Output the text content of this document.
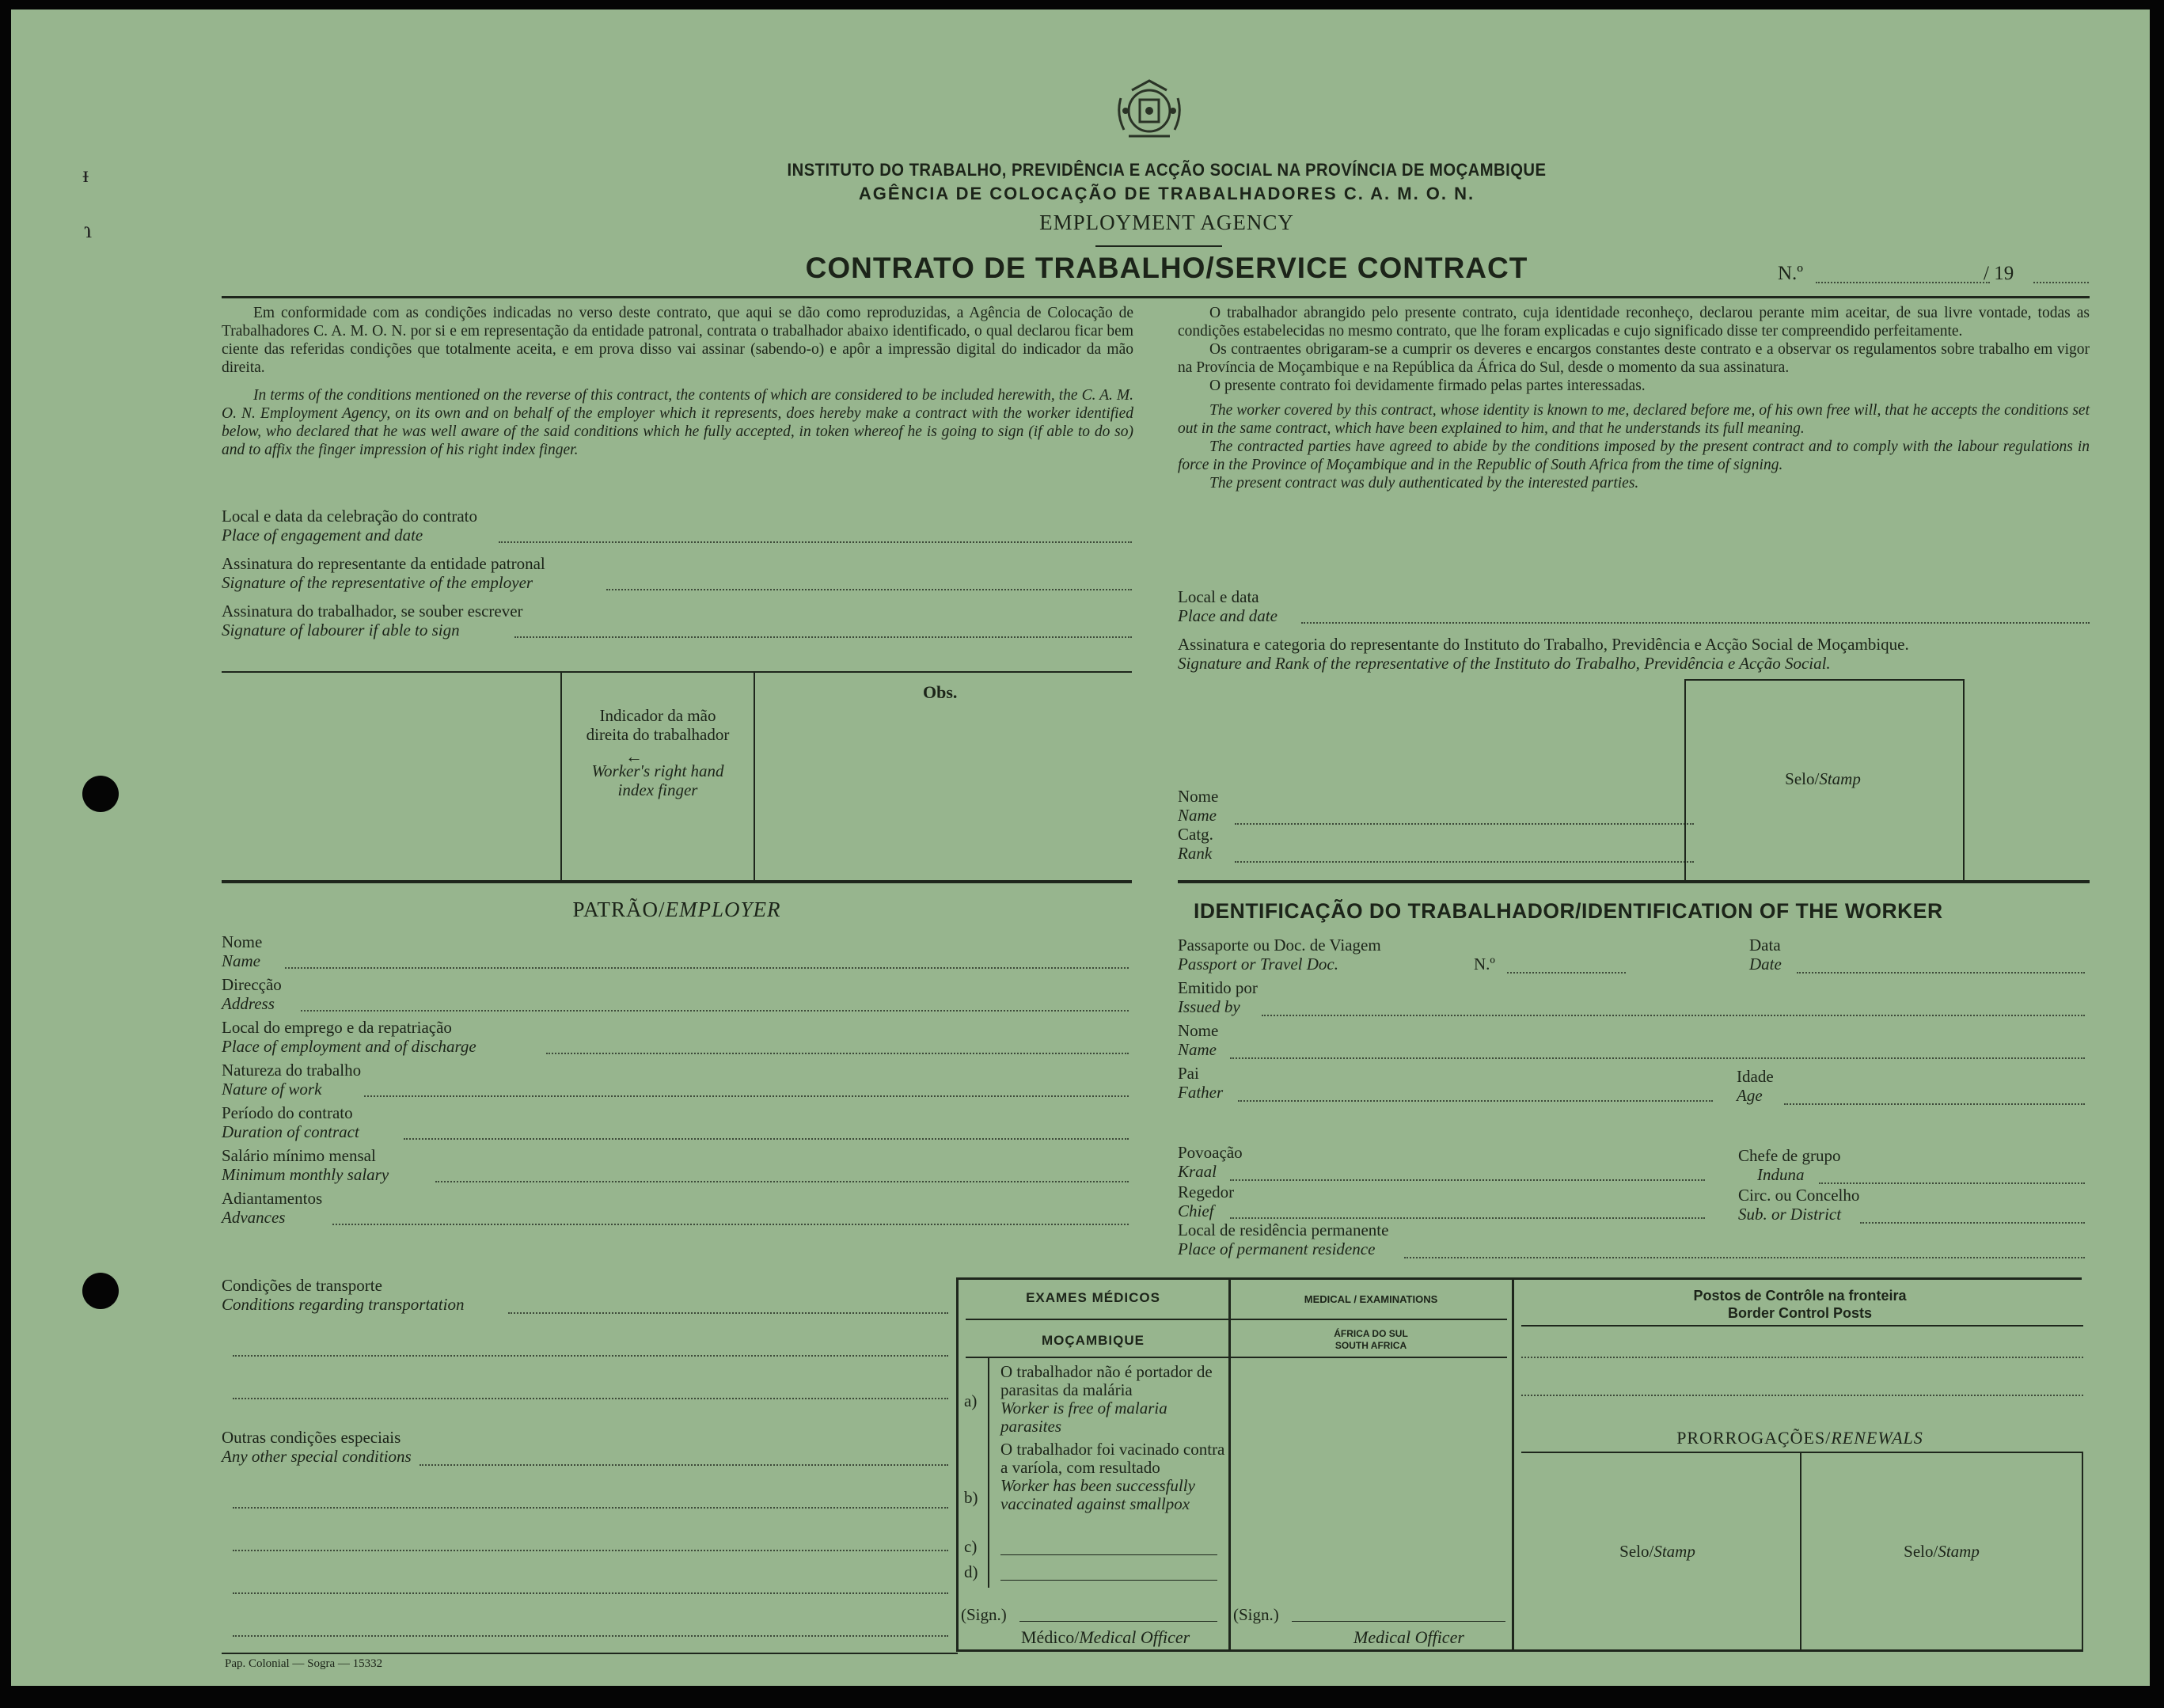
ᵻ
ɿ
INSTITUTO DO TRABALHO, PREVIDÊNCIA E ACÇÃO SOCIAL NA PROVÍNCIA DE MOÇAMBIQUE
AGÊNCIA DE COLOCAÇÃO DE TRABALHADORES C. A. M. O. N.
EMPLOYMENT AGENCY
CONTRATO DE TRABALHO/SERVICE CONTRACT	N.º	/ 19

Em conformidade com as condições indicadas no verso deste contrato, que aqui se dão como reproduzidas, a Agência de Colocação de Trabalhadores C. A. M. O. N. por si e em representação da entidade patronal, contrata o trabalhador abaixo identificado, o qual declarou ficar bem ciente das referidas condições que totalmente aceita, e em prova disso vai assinar (sabendo-o) e apôr a impressão digital do indicador da mão direita.

In terms of the conditions mentioned on the reverse of this contract, the contents of which are considered to be included herewith, the C. A. M. O. N. Employment Agency, on its own and on behalf of the employer which it represents, does hereby make a contract with the worker identified below, who declared that he was well aware of the said conditions which he fully accepted, in token whereof he is going to sign (if able to do so) and to affix the finger impression of his right index finger.

Local e data da celebração do contrato
Place of engagement and date
Assinatura do representante da entidade patronal
Signature of the representative of the employer
Assinatura do trabalhador, se souber escrever
Signature of labourer if able to sign
Indicador da mão direita do trabalhador
←
Worker's right hand index finger
Obs.

O trabalhador abrangido pelo presente contrato, cuja identidade reconheço, declarou perante mim aceitar, de sua livre vontade, todas as condições estabelecidas no mesmo contrato, que lhe foram explicadas e cujo significado disse ter compreendido perfeitamente.

Os contraentes obrigaram-se a cumprir os deveres e encargos constantes deste contrato e a observar os regulamentos sobre trabalho em vigor na Província de Moçambique e na República da África do Sul, desde o momento da sua assinatura.

O presente contrato foi devidamente firmado pelas partes interessadas.

The worker covered by this contract, whose identity is known to me, declared before me, of his own free will, that he accepts the conditions set out in the same contract, which have been explained to him, and that he understands its full meaning.

The contracted parties have agreed to abide by the conditions imposed by the present contract and to comply with the labour regulations in force in the Province of Moçambique and in the Republic of South Africa from the time of signing.

The present contract was duly authenticated by the interested parties.

Local e data
Place and date
Assinatura e categoria do representante do Instituto do Trabalho, Previdência e Acção Social de Moçambique.
Signature and Rank of the representative of the Instituto do Trabalho, Previdência e Acção Social.
Nome
Name
Catg.
Rank
Selo/Stamp
PATRÃO/EMPLOYER
Nome
Name
Direcção
Address
Local do emprego e da repatriação
Place of employment and of discharge
Natureza do trabalho
Nature of work
Período do contrato
Duration of contract
Salário mínimo mensal
Minimum monthly salary
Adiantamentos
Advances
IDENTIFICAÇÃO DO TRABALHADOR/IDENTIFICATION OF THE WORKER
Passaporte ou Doc. de Viagem
Passport or Travel Doc.	N.º
Data
Date
Emitido por
Issued by
Nome
Name
Pai
Father
Idade
Age
Povoação
Kraal
Chefe de grupo
Induna
Regedor
Chief
Circ. ou Concelho
Sub. or District
Local de residência permanente
Place of permanent residence
Condições de transporte
Conditions regarding transportation
Outras condições especiais
Any other special conditions
EXAMES MÉDICOS	MEDICAL / EXAMINATIONS
MOÇAMBIQUE	ÁFRICA DO SUL
SOUTH AFRICA
a)
O trabalhador não é portador de parasitas da malária
Worker is free of malaria parasites
b)
O trabalhador foi vacinado contra a varíola, com resultado
Worker has been successfully vaccinated against smallpox
c)
d)
(Sign.)
Médico/Medical Officer
(Sign.)
Medical Officer
Postos de Contrôle na fronteira
Border Control Posts
PRORROGAÇÕES/RENEWALS
Selo/Stamp	Selo/Stamp
Pap. Colonial — Sogra — 15332
